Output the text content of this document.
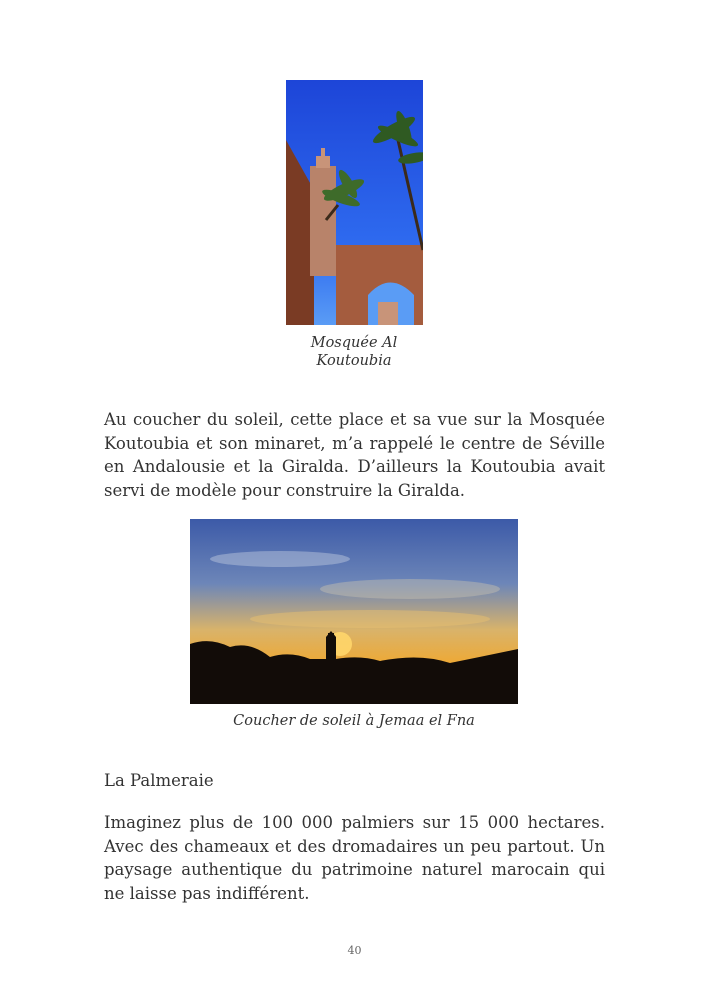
Mosquée Al
Koutoubia
Au coucher du soleil, cette place et sa vue sur la Mosquée Koutoubia et son minaret, m’a rappelé le centre de Séville en Andalousie et la Giralda. D’ailleurs la Koutoubia avait servi de modèle pour construire la Giralda.
Coucher de soleil à Jemaa el Fna
La Palmeraie
Imaginez plus de 100 000 palmiers sur 15 000 hectares. Avec des chameaux et des dromadaires un peu partout. Un paysage authentique du patrimoine naturel marocain qui ne laisse pas indifférent.
40
